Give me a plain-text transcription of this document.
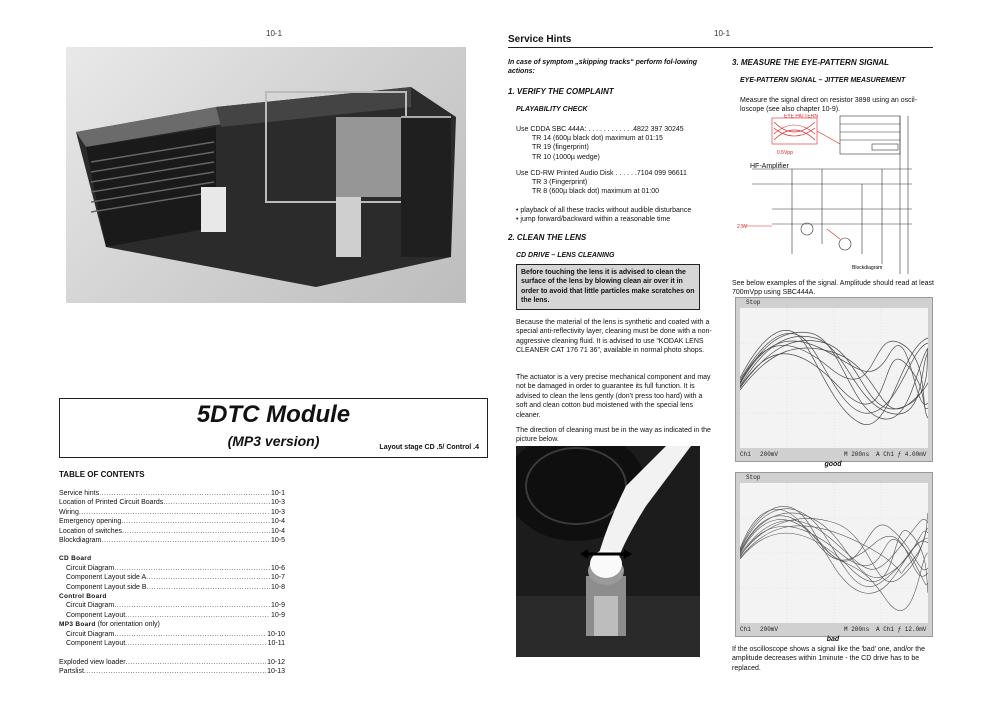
10-1
5DTC Module
(MP3 version)	Layout stage CD .5/ Control .4
TABLE OF CONTENTS
Service hints .....	10-1
Location of Printed Circuit Boards .....	10-3
Wiring .....	10-3
Emergency opening .....	10-4
Location of switches .....	10-4
Blockdiagram .....	10-5
CD Board
Circuit Diagram .....	10-6
Component Layout side A .....	10-7
Component Layout side B .....	10-8
Control Board
Circuit Diagram .....	10-9
Component Layout .....	10-9
MP3 Board (for orientation only)
Circuit Diagram .....	10-10
Component Layout .....	10-11
Exploded view loader .....	10-12
Partslist .....	10-13
10-1
Service Hints
In case of symptom „skipping tracks“ perform fol-lowing actions:
1. VERIFY THE COMPLAINT
PLAYABILITY CHECK
Use CDDA SBC 444A: . . . . . . . . . . . .4822 397 30245
TR 14 (600µ black dot) maximum at 01:15
TR 19 (fingerprint)
TR 10 (1000µ wedge)
Use CD-RW Printed Audio Disk . . . . . .7104 099 96611
TR 3 (Fingerprint)
TR 8 (600µ black dot) maximum at 01:00
• playback of all these tracks without audible disturbance
• jump forward/backward within a reasonable time
2. CLEAN THE LENS
CD DRIVE – LENS CLEANING
Before touching the lens it is advised to clean the surface of the lens by blowing clean air over it in order to avoid that little particles make scratches on the lens.
Because the material of the lens is synthetic and coated with a special anti-reflectivity layer, cleaning must be done with a non-aggressive cleaning fluid. It is advised to use “KODAK LENS CLEANER CAT 176 71 36”, available in normal photo shops.
The actuator is a very precise mechanical component and may not be damaged in order to guarantee its full function. It is advised to clean the lens gently (don’t press too hard) with a soft and clean cotton bud moistened with the special lens cleaner.
The direction of cleaning must be in the way as indicated in the picture below.
3. MEASURE THE EYE-PATTERN SIGNAL
EYE-PATTERN SIGNAL – JITTER MEASUREMENT
Measure the signal direct on resistor 3898 using an oscil-loscope (see also chapter 10-9).
EYE PATTERN
0.5Vpp
2.5V
Blockdiagram
HF-Amplifier
See below examples of the signal. Amplitude should read at least 700mVpp using SBC444A.
Stop
Ch1 200mV	M 200ns A Ch1 ƒ 4.00mV
good
Stop
Ch1 200mV	M 200ns A Ch1 ƒ 12.0mV
bad
If the oscilloscope shows a signal like the 'bad' one, and/or the amplitude decreases within 1minute - the CD drive has to be replaced.
